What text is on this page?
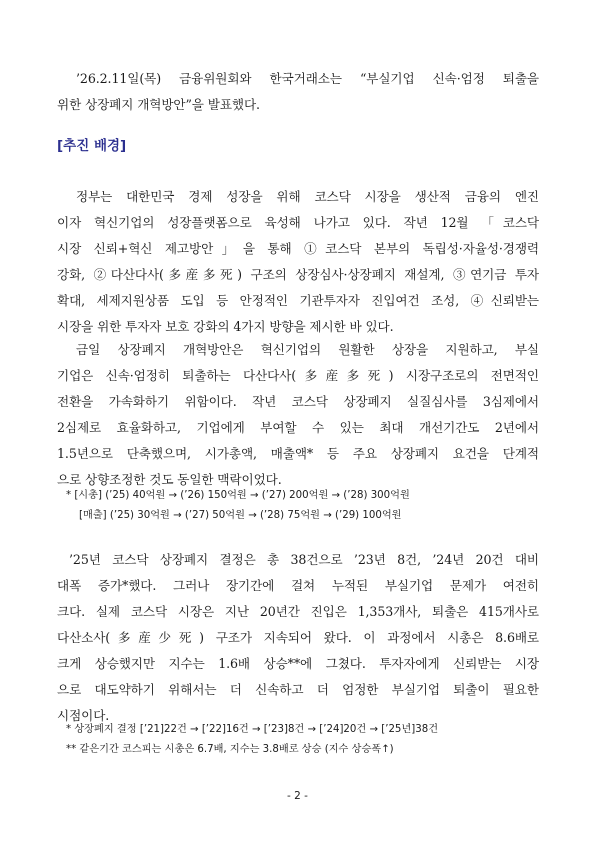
’26.2.11일(목) 금융위원회와 한국거래소는 “부실기업 신속·엄정 퇴출을
위한 상장폐지 개혁방안”을 발표했다.
[추진 배경]
정부는 대한민국 경제 성장을 위해 코스닥 시장을 생산적 금융의 엔진
이자 혁신기업의 성장플랫폼으로 육성해 나가고 있다. 작년 12월 「코스닥
시장 신뢰+혁신 제고방안」을 통해 ①코스닥 본부의 독립성·자율성·경쟁력
강화, ②다산다사(多産多死) 구조의 상장심사·상장폐지 재설계, ③연기금 투자
확대, 세제지원상품 도입 등 안정적인 기관투자자 진입여건 조성, ④신뢰받는
시장을 위한 투자자 보호 강화의 4가지 방향을 제시한 바 있다.
금일 상장폐지 개혁방안은 혁신기업의 원활한 상장을 지원하고, 부실
기업은 신속·엄정히 퇴출하는 다산다사(多産多死) 시장구조로의 전면적인
전환을 가속화하기 위함이다. 작년 코스닥 상장폐지 실질심사를 3심제에서
2심제로 효율화하고, 기업에게 부여할 수 있는 최대 개선기간도 2년에서
1.5년으로 단축했으며, 시가총액, 매출액* 등 주요 상장폐지 요건을 단계적
으로 상향조정한 것도 동일한 맥락이었다.
* [시총] (’25) 40억원 → (’26) 150억원 → (’27) 200억원 → (’28) 300억원
[매출] (’25) 30억원 → (’27) 50억원 → (’28) 75억원 → (’29) 100억원
’25년 코스닥 상장폐지 결정은 총 38건으로 ’23년 8건, ’24년 20건 대비
대폭 증가*했다. 그러나 장기간에 걸쳐 누적된 부실기업 문제가 여전히
크다. 실제 코스닥 시장은 지난 20년간 진입은 1,353개사, 퇴출은 415개사로
다산소사(多産少死) 구조가 지속되어 왔다. 이 과정에서 시총은 8.6배로
크게 상승했지만 지수는 1.6배 상승**에 그쳤다. 투자자에게 신뢰받는 시장
으로 대도약하기 위해서는 더 신속하고 더 엄정한 부실기업 퇴출이 필요한
시점이다.
* 상장폐지 결정 [’21]22건 → [’22]16건 → [’23]8건 → [’24]20건 → [’25년]38건
** 같은기간 코스피는 시총은 6.7배, 지수는 3.8배로 상승 (지수 상승폭↑)
- 2 -
